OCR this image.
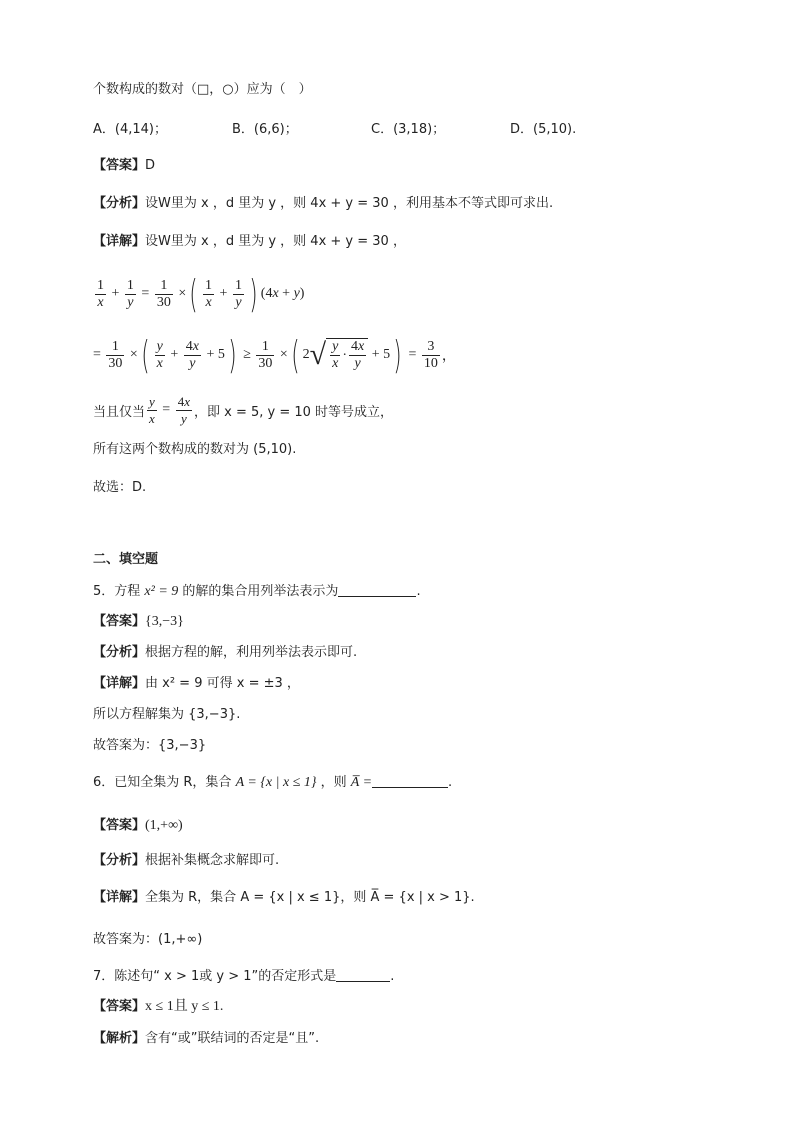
个数构成的数对（□，○）应为（　）
A．(4,14)；	B．(6,6)；	C．(3,18)；	D．(5,10).
【答案】D
【分析】设W里为 x ，d 里为 y ，则 4x + y = 30 ，利用基本不等式即可求出.
【详解】设W里为 x ，d 里为 y ，则 4x + y = 30 ，
$\frac{1}{x} + \frac{1}{y} = \frac{1}{30}$ × ( $\frac{1}{x} + \frac{1}{y}$ ) (4x + y)
= $\frac{1}{30}$ × ( $\frac{y}{x} + \frac{4x}{y} + 5$ ) ≥ $\frac{1}{30}$ × ( 2 √ $\frac{y}{x} \cdot \frac{4x}{y} + 5$ ) = $\frac{3}{10}$ ，
当且仅当 $\frac{y}{x} = \frac{4x}{y}$ ，即 x = 5, y = 10 时等号成立，
所有这两个数构成的数对为 (5,10).
故选：D.
二、填空题
5．方程 x² = 9 的解的集合用列举法表示为	.
【答案】{3,−3}
【分析】根据方程的解，利用列举法表示即可.
【详解】由 x² = 9 可得 x = ±3 ，
所以方程解集为 {3,−3}.
故答案为：{3,−3}
6．已知全集为 R，集合 A = {x | x ≤ 1} ，则 A̅ =	.
【答案】(1,+∞)
【分析】根据补集概念求解即可.
【详解】全集为 R，集合 A = {x | x ≤ 1}，则 A̅ = {x | x > 1}.
故答案为：(1,+∞)
7．陈述句“ x > 1或 y > 1”的否定形式是	.
【答案】x ≤ 1且 y ≤ 1.
【解析】含有“或”联结词的否定是“且”.
